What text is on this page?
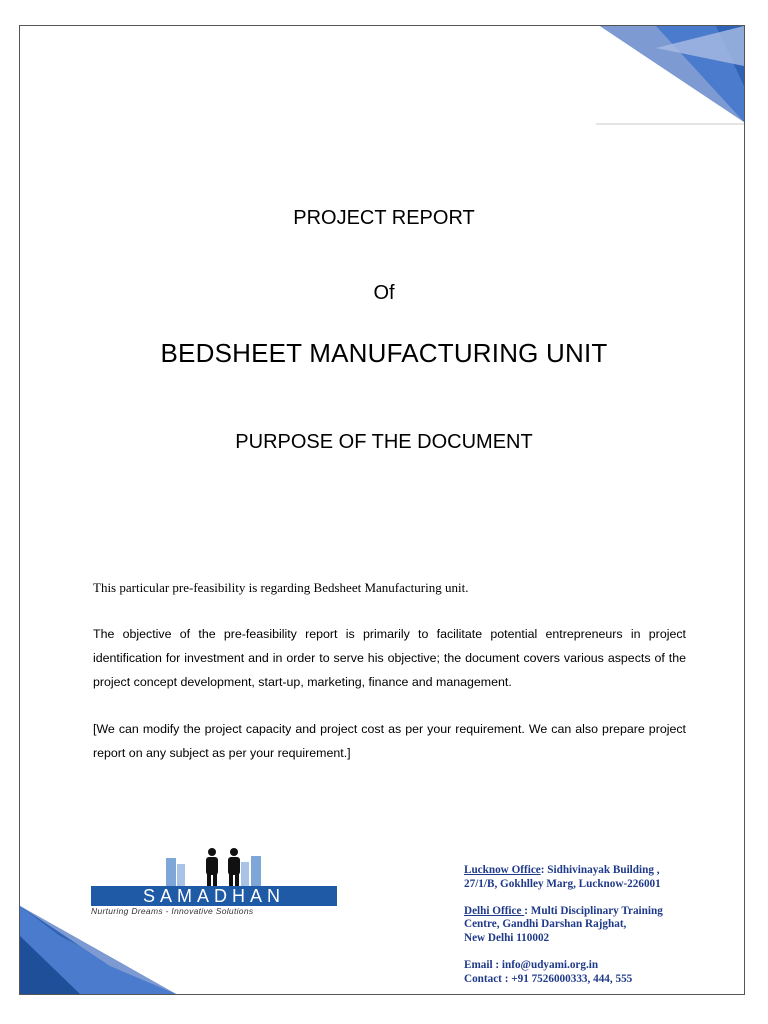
PROJECT REPORT
Of
BEDSHEET MANUFACTURING UNIT
PURPOSE OF THE DOCUMENT
This particular pre-feasibility is regarding Bedsheet Manufacturing unit.
The objective of the pre-feasibility report is primarily to facilitate potential entrepreneurs in project identification for investment and in order to serve his objective; the document covers various aspects of the project concept development, start-up, marketing, finance and management.
[We can modify the project capacity and project cost as per your requirement. We can also prepare project report on any subject as per your requirement.]
SAMADHAN
Nurturing Dreams - Innovative Solutions
Lucknow Office: Sidhivinayak Building ,
27/1/B, Gokhlley Marg, Lucknow-226001
Delhi Office : Multi Disciplinary Training
Centre, Gandhi Darshan Rajghat,
New Delhi 110002
Email : info@udyami.org.in
Contact : +91 7526000333, 444, 555
